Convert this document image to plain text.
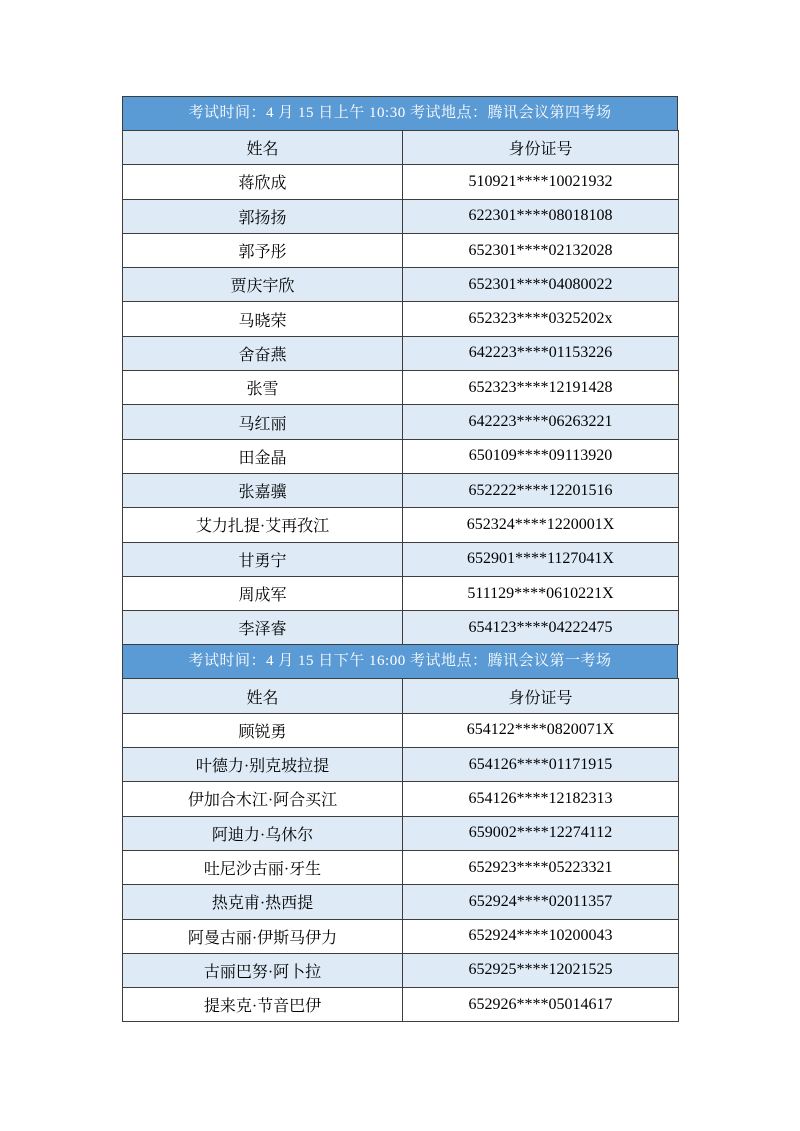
考试时间：4 月 15 日上午 10:30 考试地点：腾讯会议第四考场
姓名	身份证号
蒋欣成	510921****10021932
郭扬扬	622301****08018108
郭予彤	652301****02132028
贾庆宇欣	652301****04080022
马晓荣	652323****0325202x
舍奋燕	642223****01153226
张雪	652323****12191428
马红丽	642223****06263221
田金晶	650109****09113920
张嘉骥	652222****12201516
艾力扎提·艾再孜江	652324****1220001X
甘勇宁	652901****1127041X
周成军	511129****0610221X
李泽睿	654123****04222475
考试时间：4 月 15 日下午 16:00 考试地点：腾讯会议第一考场
姓名	身份证号
顾锐勇	654122****0820071X
叶德力·别克坡拉提	654126****01171915
伊加合木江·阿合买江	654126****12182313
阿迪力·乌休尔	659002****12274112
吐尼沙古丽·牙生	652923****05223321
热克甫·热西提	652924****02011357
阿曼古丽·伊斯马伊力	652924****10200043
古丽巴努·阿卜拉	652925****12021525
提来克·节音巴伊	652926****05014617
